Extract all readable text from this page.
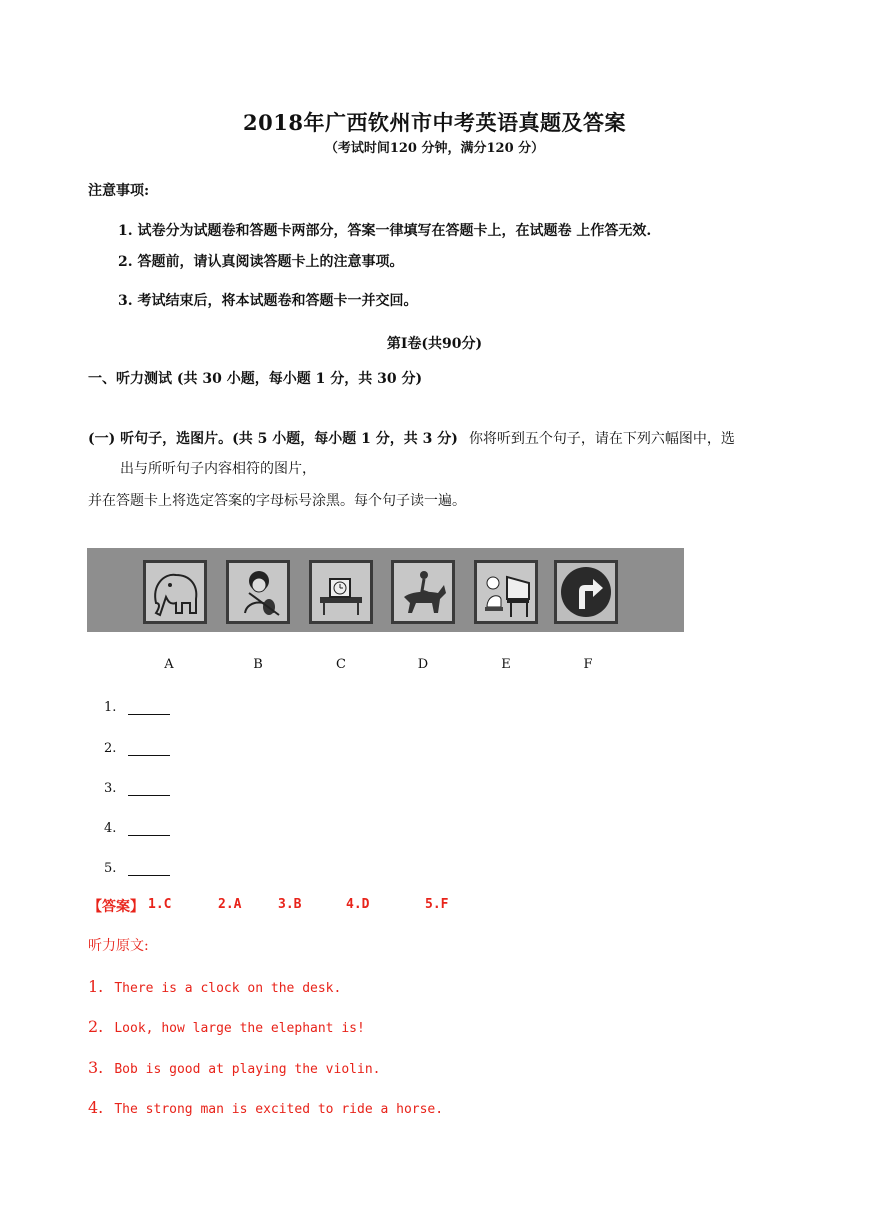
2018年广西钦州市中考英语真题及答案
（考试时间120 分钟，满分120 分）
注意事项:
1. 试卷分为试题卷和答题卡两部分，答案一律填写在答题卡上，在试题卷 上作答无效.
2. 答题前，请认真阅读答题卡上的注意事项。
3. 考试结束后，将本试题卷和答题卡一并交回。
第Ⅰ卷(共90分)
一、听力测试 (共 30 小题，每小题 1 分，共 30 分)
(一) 听句子，选图片。(共 5 小题，每小题 1 分，共 3 分) 你将听到五个句子，请在下列六幅图中，选
出与所听句子内容相符的图片，
并在答题卡上将选定答案的字母标号涂黑。每个句子读一遍。
A	B	C	D	E	F
1.
2.
3.
4.
5.
【答案】 1.C	2.A	3.B	4.D	5.F
听力原文:
1. There is a clock on the desk.
2. Look, how large the elephant is!
3. Bob is good at playing the violin.
4. The strong man is excited to ride a horse.
